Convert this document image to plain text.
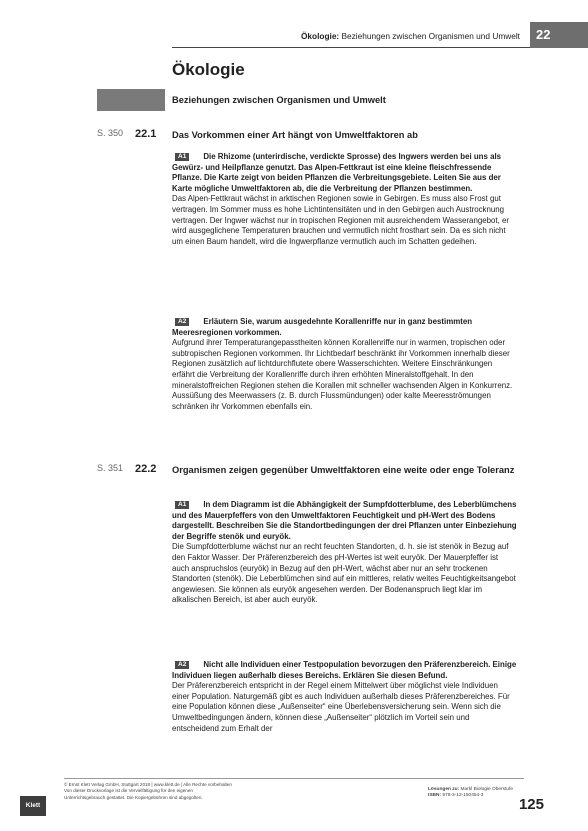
Ökologie: Beziehungen zwischen Organismen und Umwelt	22
Ökologie
Beziehungen zwischen Organismen und Umwelt
S. 350 22.1 Das Vorkommen einer Art hängt von Umweltfaktoren ab
A1 Die Rhizome (unterirdische, verdickte Sprosse) des Ingwers werden bei uns als Gewürz- und Heilpflanze genutzt. Das Alpen-Fettkraut ist eine kleine fleischfressende Pflanze. Die Karte zeigt von beiden Pflanzen die Verbreitungsgebiete. Leiten Sie aus der Karte mögliche Umweltfaktoren ab, die die Verbreitung der Pflanzen bestimmen.
Das Alpen-Fettkraut wächst in arktischen Regionen sowie in Gebirgen. Es muss also Frost gut vertragen. Im Sommer muss es hohe Lichtintensitäten und in den Gebirgen auch Austrocknung vertragen. Der Ingwer wächst nur in tropischen Regionen mit ausreichendem Wasserangebot, er wird ausgeglichene Temperaturen brauchen und vermutlich nicht frosthart sein. Da es sich nicht um einen Baum handelt, wird die Ingwerpflanze vermutlich auch im Schatten gedeihen.
A2 Erläutern Sie, warum ausgedehnte Korallenriffe nur in ganz bestimmten Meeresregionen vorkommen.
Aufgrund ihrer Temperaturangepasstheiten können Korallenriffe nur in warmen, tropischen oder subtropischen Regionen vorkommen. Ihr Lichtbedarf beschränkt ihr Vorkommen innerhalb dieser Regionen zusätzlich auf lichtdurchflutete obere Wasserschichten. Weitere Einschränkungen erfährt die Verbreitung der Korallenriffe durch ihren erhöhten Mineralstoffgehalt. In den mineralstoffreichen Regionen stehen die Korallen mit schneller wachsenden Algen in Konkurrenz. Aussüßung des Meerwassers (z. B. durch Flussmündungen) oder kalte Meeresströmungen schränken ihr Vorkommen ebenfalls ein.
S. 351 22.2 Organismen zeigen gegenüber Umweltfaktoren eine weite oder enge Toleranz
A1 In dem Diagramm ist die Abhängigkeit der Sumpfdotterblume, des Leberblümchens und des Mauerpfeffers von den Umweltfaktoren Feuchtigkeit und pH-Wert des Bodens dargestellt. Beschreiben Sie die Standortbedingungen der drei Pflanzen unter Einbeziehung der Begriffe stenök und euryök.
Die Sumpfdotterblume wächst nur an recht feuchten Standorten, d. h. sie ist stenök in Bezug auf den Faktor Wasser. Der Präferenzbereich des pH-Wertes ist weit euryök. Der Mauerpfeffer ist auch anspruchslos (euryök) in Bezug auf den pH-Wert, wächst aber nur an sehr trockenen Standorten (stenök). Die Leberblümchen sind auf ein mittleres, relativ weites Feuchtigkeitsangebot angewiesen. Sie können als euryök angesehen werden. Der Bodenanspruch liegt klar im alkalischen Bereich, ist aber auch euryök.
A2 Nicht alle Individuen einer Testpopulation bevorzugen den Präferenzbereich. Einige Individuen liegen außerhalb dieses Bereichs. Erklären Sie diesen Befund.
Der Präferenzbereich entspricht in der Regel einem Mittelwert über möglichst viele Individuen einer Population. Naturgemäß gibt es auch Individuen außerhalb dieses Präferenzbereiches. Für eine Population können diese „Außenseiter“ eine Überlebensversicherung sein. Wenn sich die Umweltbedingungen ändern, können diese „Außenseiter“ plötzlich im Vorteil sein und entscheidend zum Erhalt der
Klett
© Ernst Klett Verlag GmbH, Stuttgart 2018 | www.klett.de | Alle Rechte vorbehalten
Von dieser Druckvorlage ist die Vervielfältigung für den eigenen
Unterrichtsgebrauch gestattet. Die Kopiergebühren sind abgegolten.
Lösungen zu: Markl Biologie Oberstufe
ISBN: 978-3-12-150454-3
125
